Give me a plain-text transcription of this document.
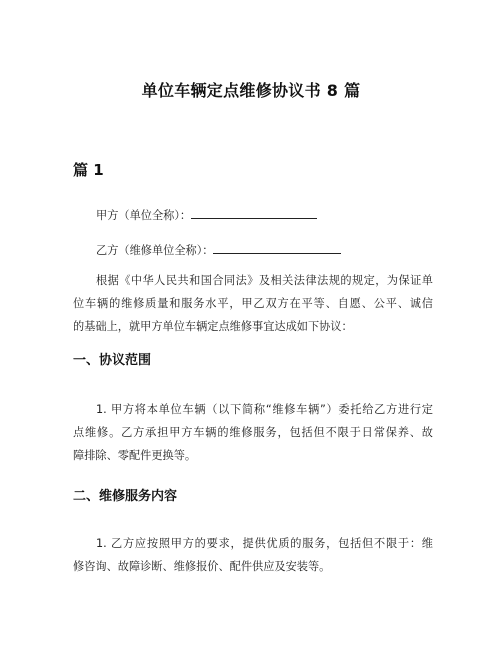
单位车辆定点维修协议书 8 篇
篇 1

甲方（单位全称）：

乙方（维修单位全称）：

根据《中华人民共和国合同法》及相关法律法规的规定，为保证单
位车辆的维修质量和服务水平，甲乙双方在平等、自愿、公平、诚信
的基础上，就甲方单位车辆定点维修事宜达成如下协议：
一、协议范围
1. 甲方将本单位车辆（以下简称“维修车辆”）委托给乙方进行定
点维修。乙方承担甲方车辆的维修服务，包括但不限于日常保养、故
障排除、零配件更换等。
二、维修服务内容
1. 乙方应按照甲方的要求，提供优质的服务，包括但不限于：维
修咨询、故障诊断、维修报价、配件供应及安装等。
